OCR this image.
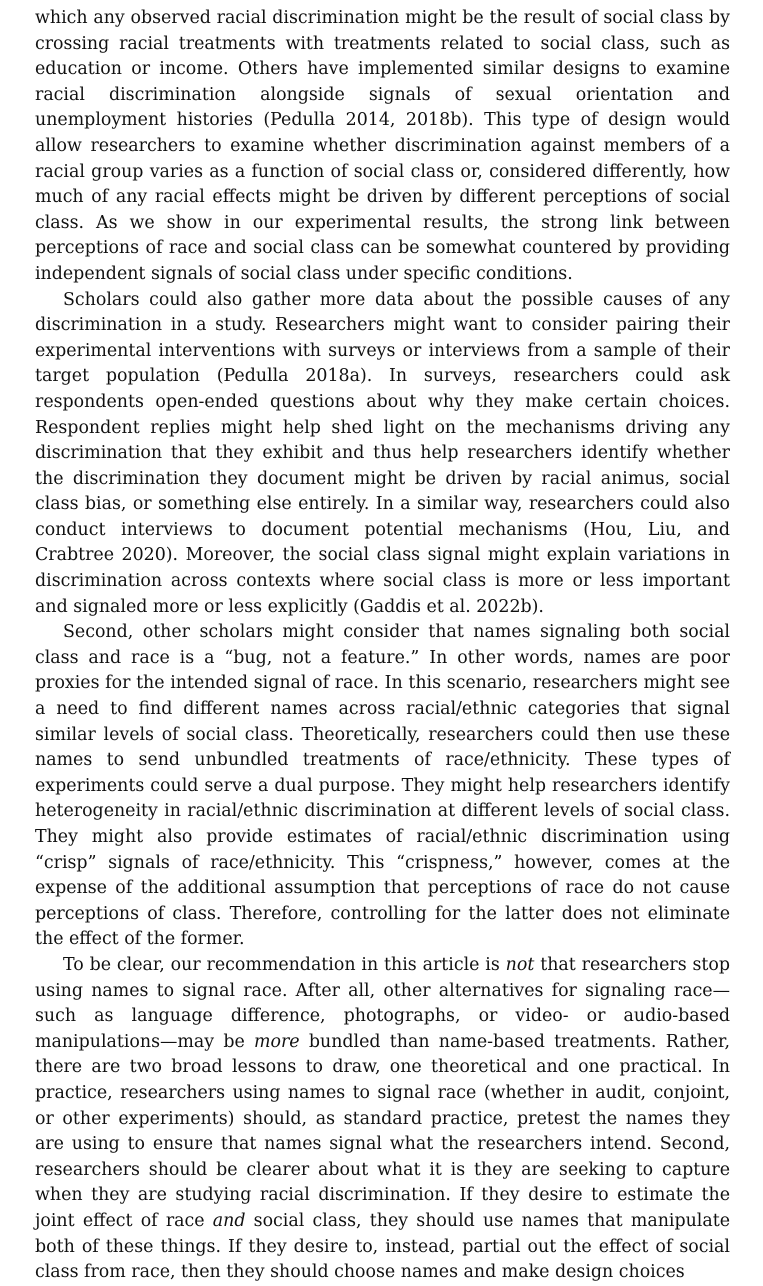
which any observed racial discrimination might be the result of social class by crossing racial treatments with treatments related to social class, such as education or income. Others have implemented similar designs to examine racial discrimination alongside signals of sexual orientation and unemployment histories (Pedulla 2014, 2018b). This type of design would allow researchers to examine whether discrimination against members of a racial group varies as a function of social class or, considered differently, how much of any racial effects might be driven by different perceptions of social class. As we show in our experimental results, the strong link between perceptions of race and social class can be somewhat countered by providing independent signals of social class under specific conditions.

Scholars could also gather more data about the possible causes of any discrimination in a study. Researchers might want to consider pairing their experimental interventions with surveys or interviews from a sample of their target population (Pedulla 2018a). In surveys, researchers could ask respondents open-ended questions about why they make certain choices. Respondent replies might help shed light on the mechanisms driving any discrimination that they exhibit and thus help researchers identify whether the discrimination they document might be driven by racial animus, social class bias, or something else entirely. In a similar way, researchers could also conduct interviews to document potential mechanisms (Hou, Liu, and Crabtree 2020). Moreover, the social class signal might explain variations in discrimination across contexts where social class is more or less important and signaled more or less explicitly (Gaddis et al. 2022b).

Second, other scholars might consider that names signaling both social class and race is a “bug, not a feature.” In other words, names are poor proxies for the intended signal of race. In this scenario, researchers might see a need to find different names across racial/ethnic categories that signal similar levels of social class. Theoretically, researchers could then use these names to send unbundled treatments of race/ethnicity. These types of experiments could serve a dual purpose. They might help researchers identify heterogeneity in racial/ethnic discrimination at different levels of social class. They might also provide estimates of racial/ethnic discrimination using “crisp” signals of race/ethnicity. This “crispness,” however, comes at the expense of the additional assumption that perceptions of race do not cause perceptions of class. Therefore, controlling for the latter does not eliminate the effect of the former.

To be clear, our recommendation in this article is not that researchers stop using names to signal race. After all, other alternatives for signaling race—such as language difference, photographs, or video- or audio-based manipulations—may be more bundled than name-based treatments. Rather, there are two broad lessons to draw, one theoretical and one practical. In practice, researchers using names to signal race (whether in audit, conjoint, or other experiments) should, as standard practice, pretest the names they are using to ensure that names signal what the researchers intend. Second, researchers should be clearer about what it is they are seeking to capture when they are studying racial discrimination. If they desire to estimate the joint effect of race and social class, they should use names that manipulate both of these things. If they desire to, instead, partial out the effect of social class from race, then they should choose names and make design choices
